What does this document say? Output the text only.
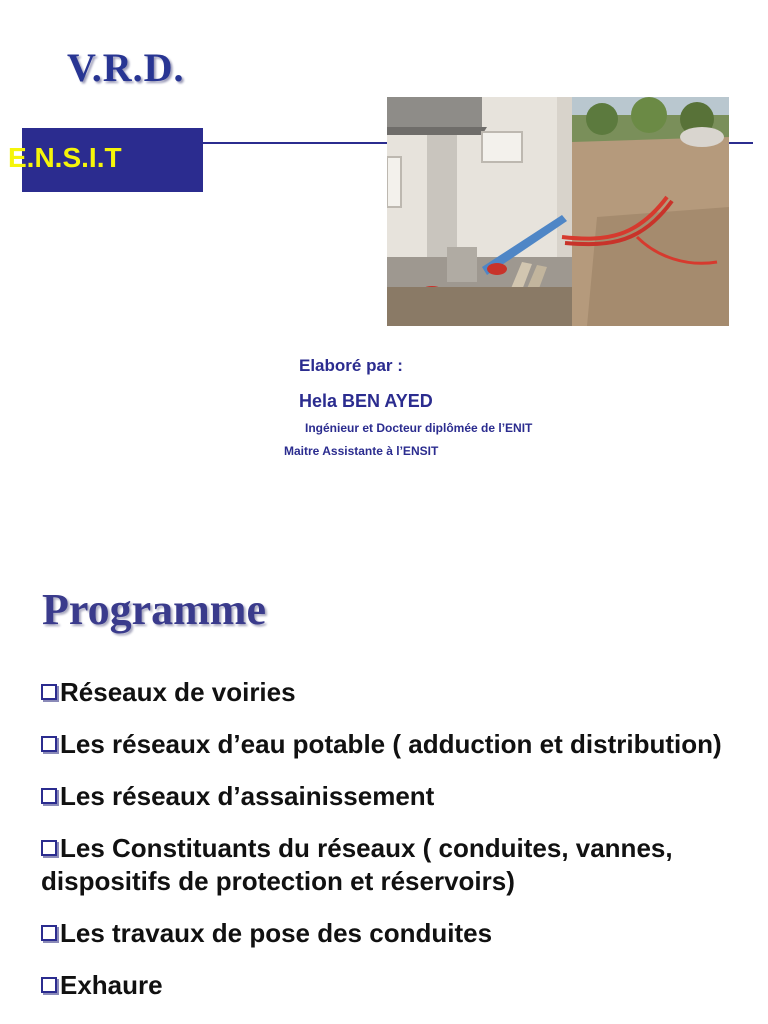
V.R.D.
E.N.S.I.T
Elaboré par :
Hela BEN AYED
Ingénieur et Docteur diplômée de l’ENIT
Maitre Assistante à l’ENSIT
Programme
Réseaux de voiries
Les réseaux d’eau potable ( adduction et distribution)
Les réseaux d’assainissement
Les Constituants du réseaux ( conduites, vannes, dispositifs de protection et réservoirs)
Les travaux de pose des conduites
Exhaure
